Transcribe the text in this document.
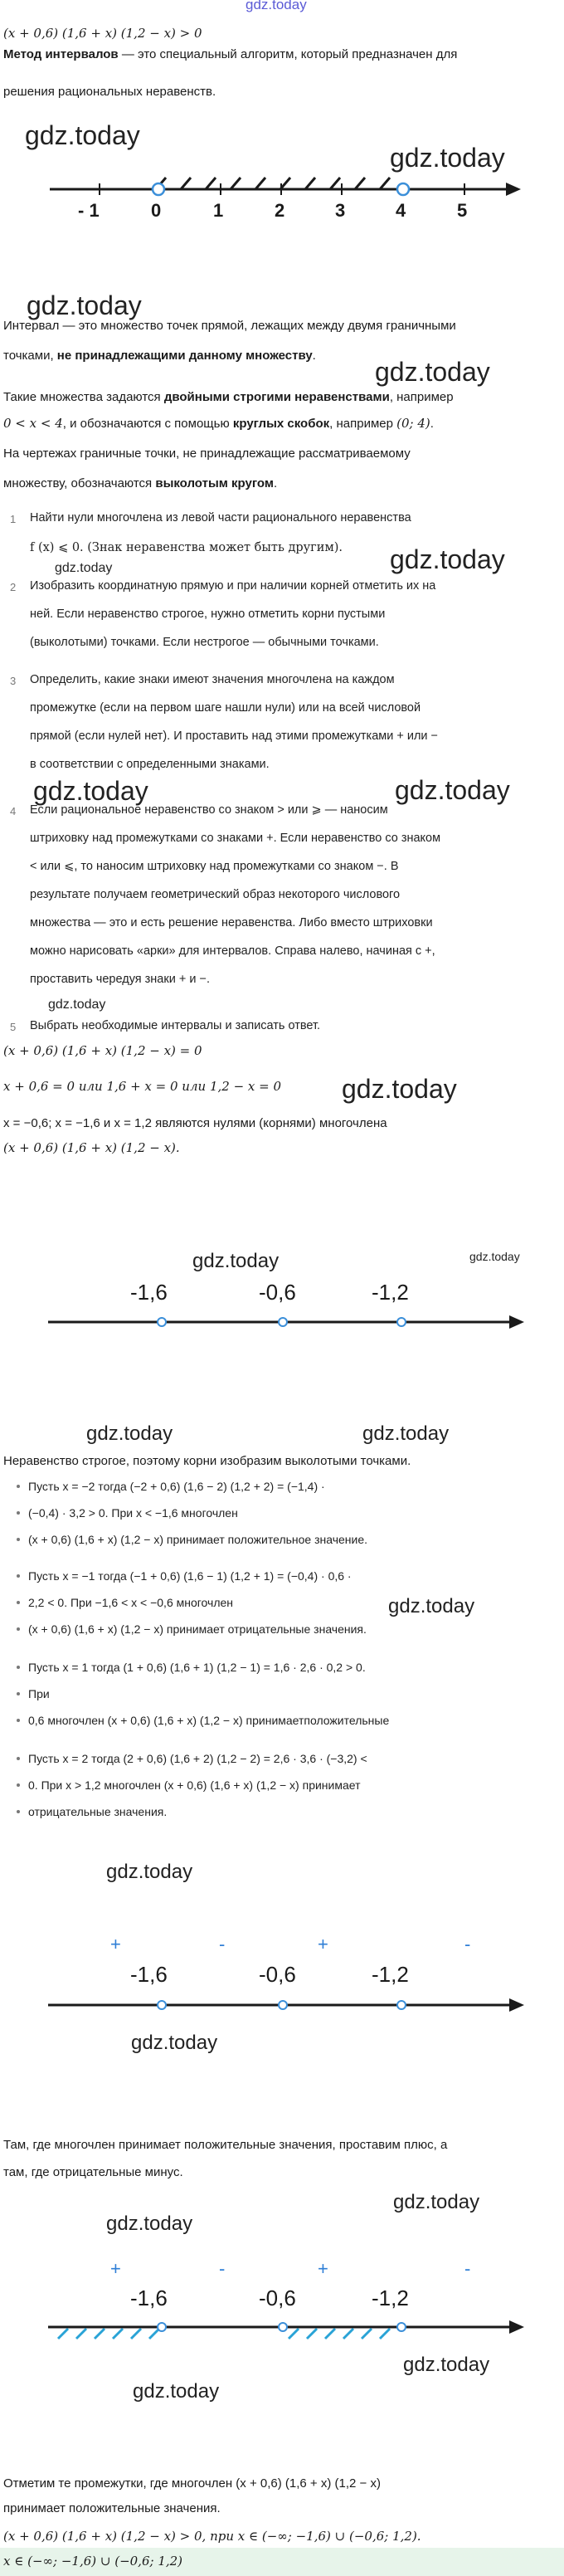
gdz.today
(x + 0,6) (1,6 + x) (1,2 − x) > 0
Метод интервалов — это специальный алгоритм, который предназначен для
решения рациональных неравенств.
gdz.today
gdz.today
- 1	0	1	2	3	4	5
gdz.today
Интервал — это множество точек прямой, лежащих между двумя граничными
точками, не принадлежащими данному множеству.
gdz.today
Такие множества задаются двойными строгими неравенствами, например
0 < x < 4, и обозначаются с помощью круглых скобок, например (0; 4).
На чертежах граничные точки, не принадлежащие рассматриваемому
множеству, обозначаются выколотым кругом.
1 Найти нули многочлена из левой части рационального неравенства
f (x) ⩽ 0. (Знак неравенства может быть другим).
2 Изобразить координатную прямую и при наличии корней отметить их на
ней. Если неравенство строгое, нужно отметить корни пустыми
(выколотыми) точками. Если нестрогое — обычными точками.
3 Определить, какие знаки имеют значения многочлена на каждом
промежутке (если на первом шаге нашли нули) или на всей числовой
прямой (если нулей нет). И проставить над этими промежутками + или −
в соответствии с определенными знаками.
4 Если рациональное неравенство со знаком > или ⩾ — наносим
штриховку над промежутками со знаками +. Если неравенство со знаком
< или ⩽, то наносим штриховку над промежутками со знаком −. В
результате получаем геометрический образ некоторого числового
множества — это и есть решение неравенства. Либо вместо штриховки
можно нарисовать «арки» для интервалов. Справа налево, начиная с +,
проставить чередуя знаки + и −.
5 Выбрать необходимые интервалы и записать ответ.
gdz.today
gdz.today
gdz.today
gdz.today
gdz.today
(x + 0,6) (1,6 + x) (1,2 − x) = 0
x + 0,6 = 0 или 1,6 + x = 0 или 1,2 − x = 0 gdz.today
x = −0,6; x = −1,6 и x = 1,2 являются нулями (корнями) многочлена
(x + 0,6) (1,6 + x) (1,2 − x).
gdz.today	gdz.today
-1,6	-0,6	-1,2
gdz.today	gdz.today
Неравенство строгое, поэтому корни изобразим выколотыми точками.
Пусть x = −2 тогда (−2 + 0,6) (1,6 − 2) (1,2 + 2) = (−1,4) ·
(−0,4) · 3,2 > 0. При x < −1,6 многочлен
(x + 0,6) (1,6 + x) (1,2 − x) принимает положительное значение.
Пусть x = −1 тогда (−1 + 0,6) (1,6 − 1) (1,2 + 1) = (−0,4) · 0,6 ·
2,2 < 0. При −1,6 < x < −0,6 многочлен
(x + 0,6) (1,6 + x) (1,2 − x) принимает отрицательные значения.
Пусть x = 1 тогда (1 + 0,6) (1,6 + 1) (1,2 − 1) = 1,6 · 2,6 · 0,2 > 0.
При
0,6 многочлен (x + 0,6) (1,6 + x) (1,2 − x) принимаетположительные
Пусть x = 2 тогда (2 + 0,6) (1,6 + 2) (1,2 − 2) = 2,6 · 3,6 · (−3,2) <
0. При x > 1,2 многочлен (x + 0,6) (1,6 + x) (1,2 − x) принимает
отрицательные значения.
gdz.today
gdz.today
+	-	+	-
-1,6	-0,6	-1,2
gdz.today
Там, где многочлен принимает положительные значения, проставим плюс, а
там, где отрицательные минус.
gdz.today
gdz.today
+	-	+	-
-1,6	-0,6	-1,2
gdz.today
gdz.today
Отметим те промежутки, где многочлен (x + 0,6) (1,6 + x) (1,2 − x)
принимает положительные значения.
(x + 0,6) (1,6 + x) (1,2 − x) > 0, при x ∈ (−∞; −1,6) ∪ (−0,6; 1,2).
x ∈ (−∞; −1,6) ∪ (−0,6; 1,2)
